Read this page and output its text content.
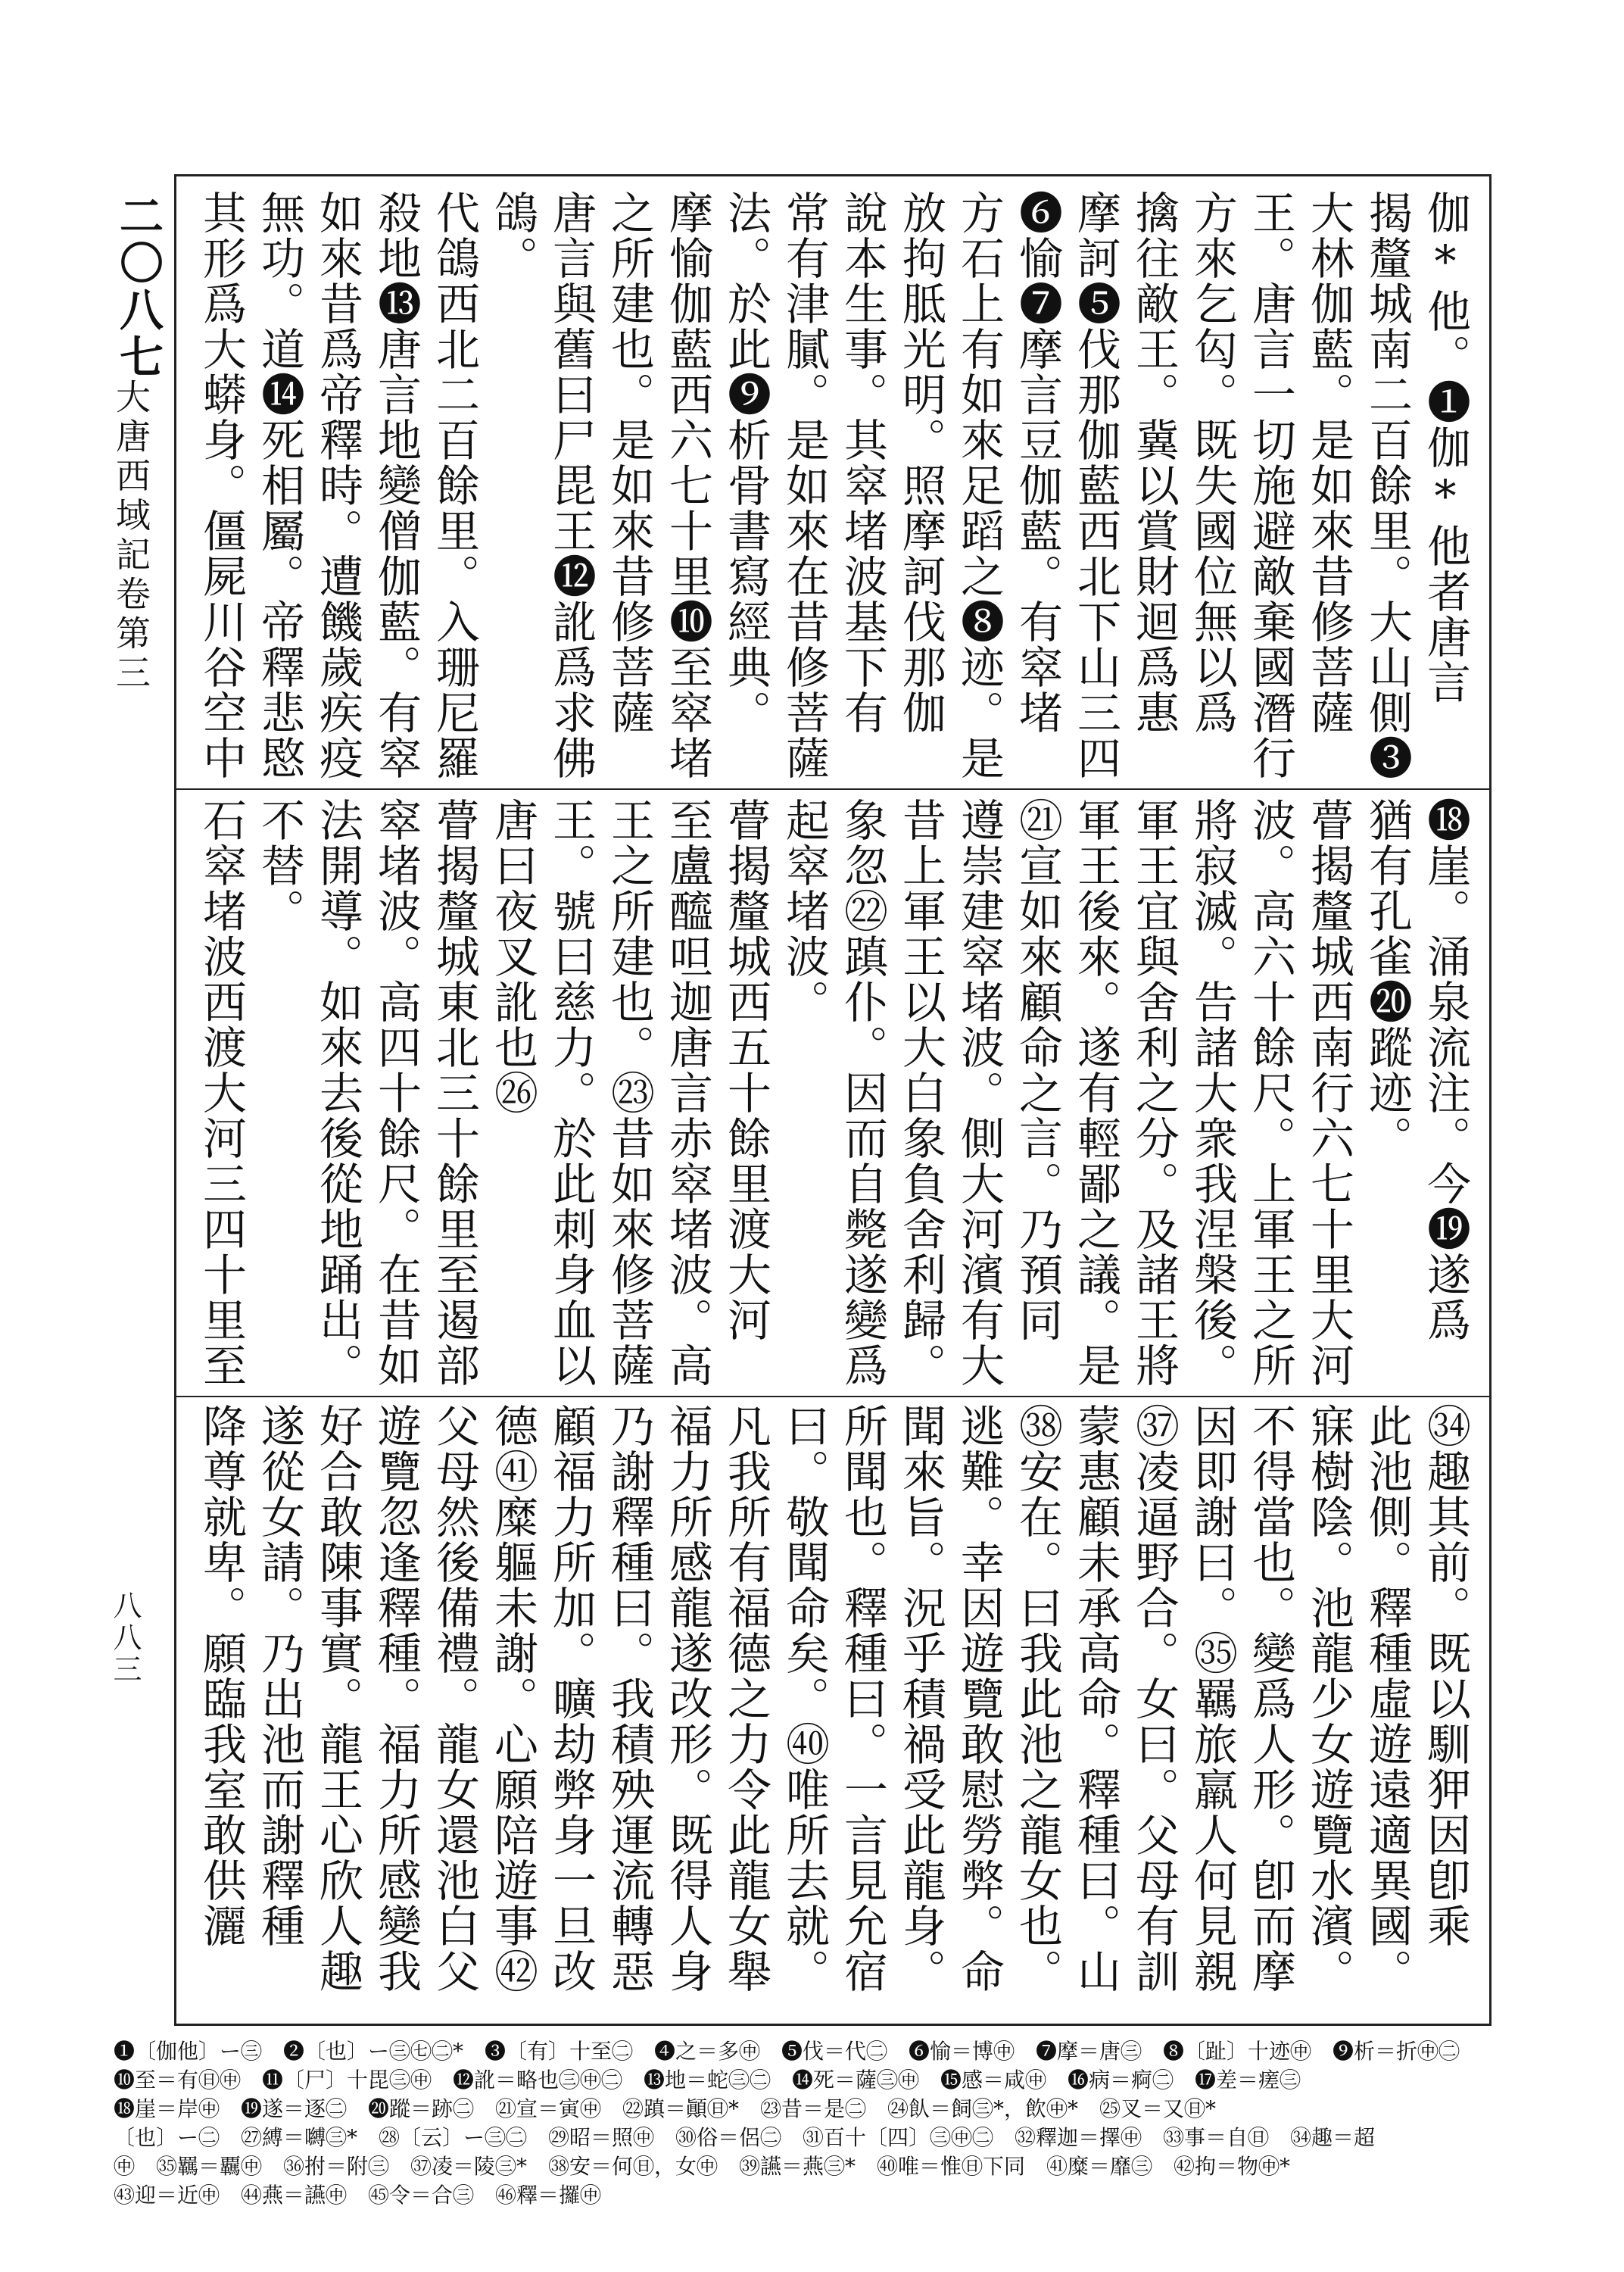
二〇八七
大唐西域記卷第三
八八三
伽*他。❶伽*他者唐言
揭釐城南二百餘里。大山側❸
大林伽藍。是如來昔修菩薩
王。唐言一切施避敵棄國潛行
方來乞匃。既失國位無以爲
擒往敵王。冀以賞財迴爲惠
摩訶❺伐那伽藍西北下山三四
❻愉❼摩言豆伽藍。有窣堵
方石上有如來足蹈之❽迹。是
放拘胝光明。照摩訶伐那伽
說本生事。其窣堵波基下有
常有津膩。是如來在昔修菩薩
法。於此❾析骨書寫經典。
摩愉伽藍西六七十里❿至窣堵
之所建也。是如來昔修菩薩
唐言與舊曰尸毘王⓬訛爲求佛
鴿。
代鴿西北二百餘里。入珊尼羅
殺地⓭唐言地變僧伽藍。有窣
如來昔爲帝釋時。遭饑歲疾疫
無功。道⓮死相屬。帝釋悲愍
其形爲大蟒身。僵屍川谷空中
⓲崖。涌泉流注。今⓳遂爲
猶有孔雀⓴蹤迹。
瞢揭釐城西南行六七十里大河
波。高六十餘尺。上軍王之所
將寂滅。告諸大衆我涅槃後。
軍王宜與舍利之分。及諸王將
軍王後來。遂有輕鄙之議。是
㉑宣如來顧命之言。乃預同
遵崇建窣堵波。側大河濱有大
昔上軍王以大白象負舍利歸。
象忽㉒蹎仆。因而自斃遂變爲
起窣堵波。
瞢揭釐城西五十餘里渡大河
至盧醯呾迦唐言赤窣堵波。高
王之所建也。㉓昔如來修菩薩
王。號曰慈力。於此刺身血以
唐曰夜叉訛也㉖
瞢揭釐城東北三十餘里至遏部
窣堵波。高四十餘尺。在昔如
法開導。如來去後從地踊出。
不替。
石窣堵波西渡大河三四十里至
㉞趣其前。既以馴狎因卽乘
此池側。釋種虛遊遠適異國。
寐樹陰。池龍少女遊覽水濱。
不得當也。變爲人形。卽而摩
因即謝曰。㉟羈旅羸人何見親
㊲凌逼野合。女曰。父母有訓
蒙惠顧未承高命。釋種曰。山
㊳安在。曰我此池之龍女也。
逃難。幸因遊覽敢慰勞弊。命
聞來旨。況乎積禍受此龍身。
所聞也。釋種曰。一言見允宿
曰。敬聞命矣。㊵唯所去就。
凡我所有福德之力令此龍女舉
福力所感龍遂改形。既得人身
乃謝釋種曰。我積殃運流轉惡
顧福力所加。曠劫弊身一旦改
德㊶糜軀未謝。心願陪遊事㊷
父母然後備禮。龍女還池白父
遊覽忽逢釋種。福力所感變我
好合敢陳事實。龍王心欣人趣
遂從女請。乃出池而謝釋種
降尊就卑。願臨我室敢供灑
❶〔伽他〕ー㊂　❷〔也〕ー㊂㊆㊁*　❸〔有〕十至㊁　❹之＝多㊥　❺伐＝代㊁　❻愉＝博㊥　❼摩＝唐㊂　❽〔趾〕十迹㊥　❾析＝折㊥㊁
❿至＝有㊐㊥　⓫〔尸〕十毘㊂㊥　⓬訛＝略也㊂㊥㊁　⓭地＝蛇㊂㊁　⓮死＝薩㊂㊥　⓯感＝咸㊥　⓰病＝痾㊁　⓱差＝瘥㊂
⓲崖＝岸㊥　⓳遂＝逐㊁　⓴蹤＝跡㊁　㉑宣＝寅㊥　㉒蹎＝顚㊐*　㉓昔＝是㊁　㉔飤＝飼㊂*，飲㊥*　㉕叉＝又㊐*
〔也〕ー㊁　㉗縛＝嚩㊂*　㉘〔云〕ー㊂㊁　㉙昭＝照㊥　㉚俗＝侶㊁　㉛百十〔四〕㊂㊥㊁　㉜釋迦＝擇㊥　㉝事＝自㊐　㉞趣＝超
㊥　㉟羈＝覊㊥　㊱拊＝附㊂　㊲凌＝陵㊂*　㊳安＝何㊐，女㊥　㊴讌＝燕㊂*　㊵唯＝惟㊐下同　㊶糜＝靡㊂　㊷拘＝物㊥*
㊸迎＝近㊥　㊹燕＝讌㊥　㊺令＝合㊂　㊻釋＝攞㊥
